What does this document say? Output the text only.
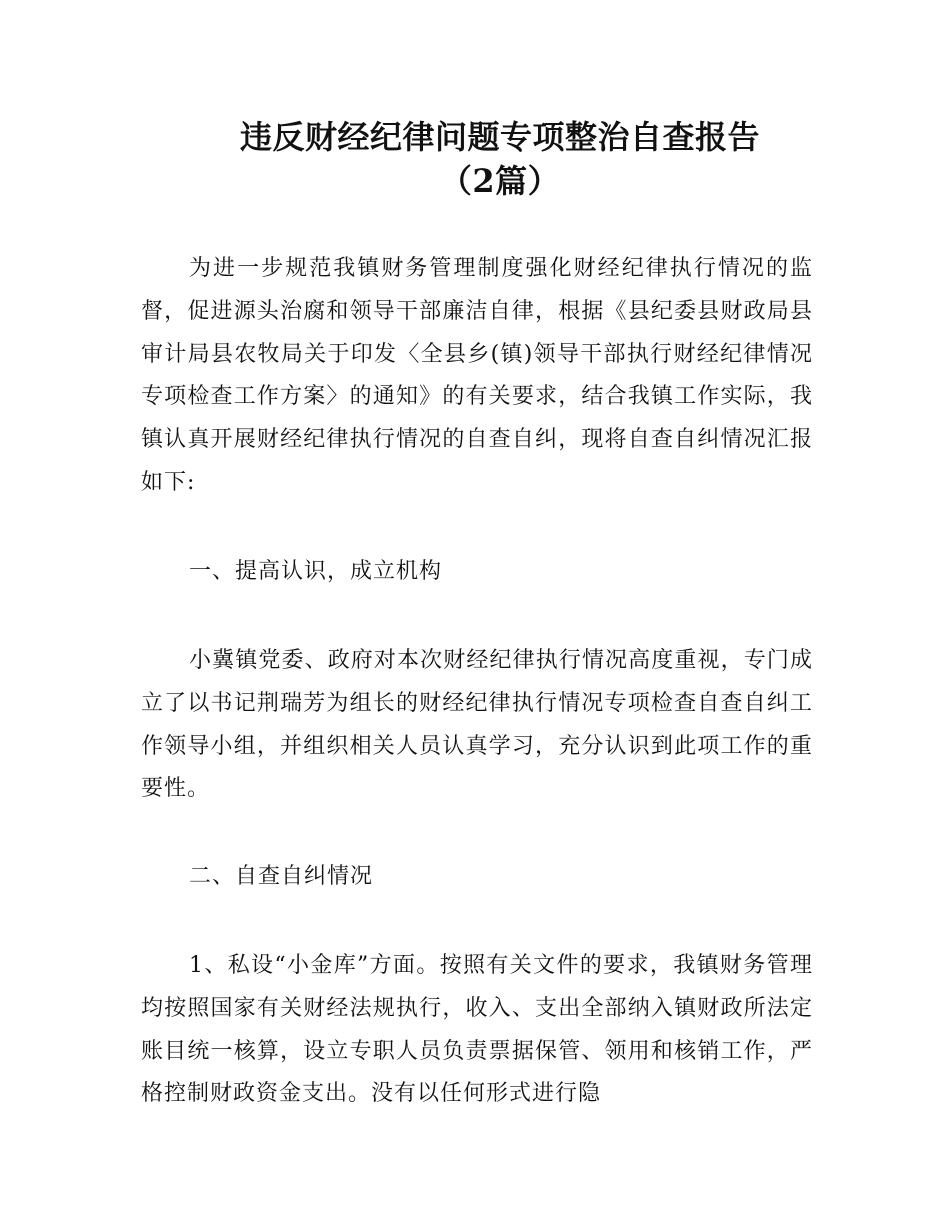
违反财经纪律问题专项整治自查报告
（2篇）

为进一步规范我镇财务管理制度强化财经纪律执行情况的监督，促进源头治腐和领导干部廉洁自律，根据《县纪委县财政局县审计局县农牧局关于印发〈全县乡(镇)领导干部执行财经纪律情况专项检查工作方案〉的通知》的有关要求，结合我镇工作实际，我镇认真开展财经纪律执行情况的自查自纠，现将自查自纠情况汇报如下:

一、提高认识，成立机构

小冀镇党委、政府对本次财经纪律执行情况高度重视，专门成立了以书记荆瑞芳为组长的财经纪律执行情况专项检查自查自纠工作领导小组，并组织相关人员认真学习，充分认识到此项工作的重要性。

二、自查自纠情况

1、私设“小金库”方面。按照有关文件的要求，我镇财务管理均按照国家有关财经法规执行，收入、支出全部纳入镇财政所法定账目统一核算，设立专职人员负责票据保管、领用和核销工作，严格控制财政资金支出。没有以任何形式进行隐
